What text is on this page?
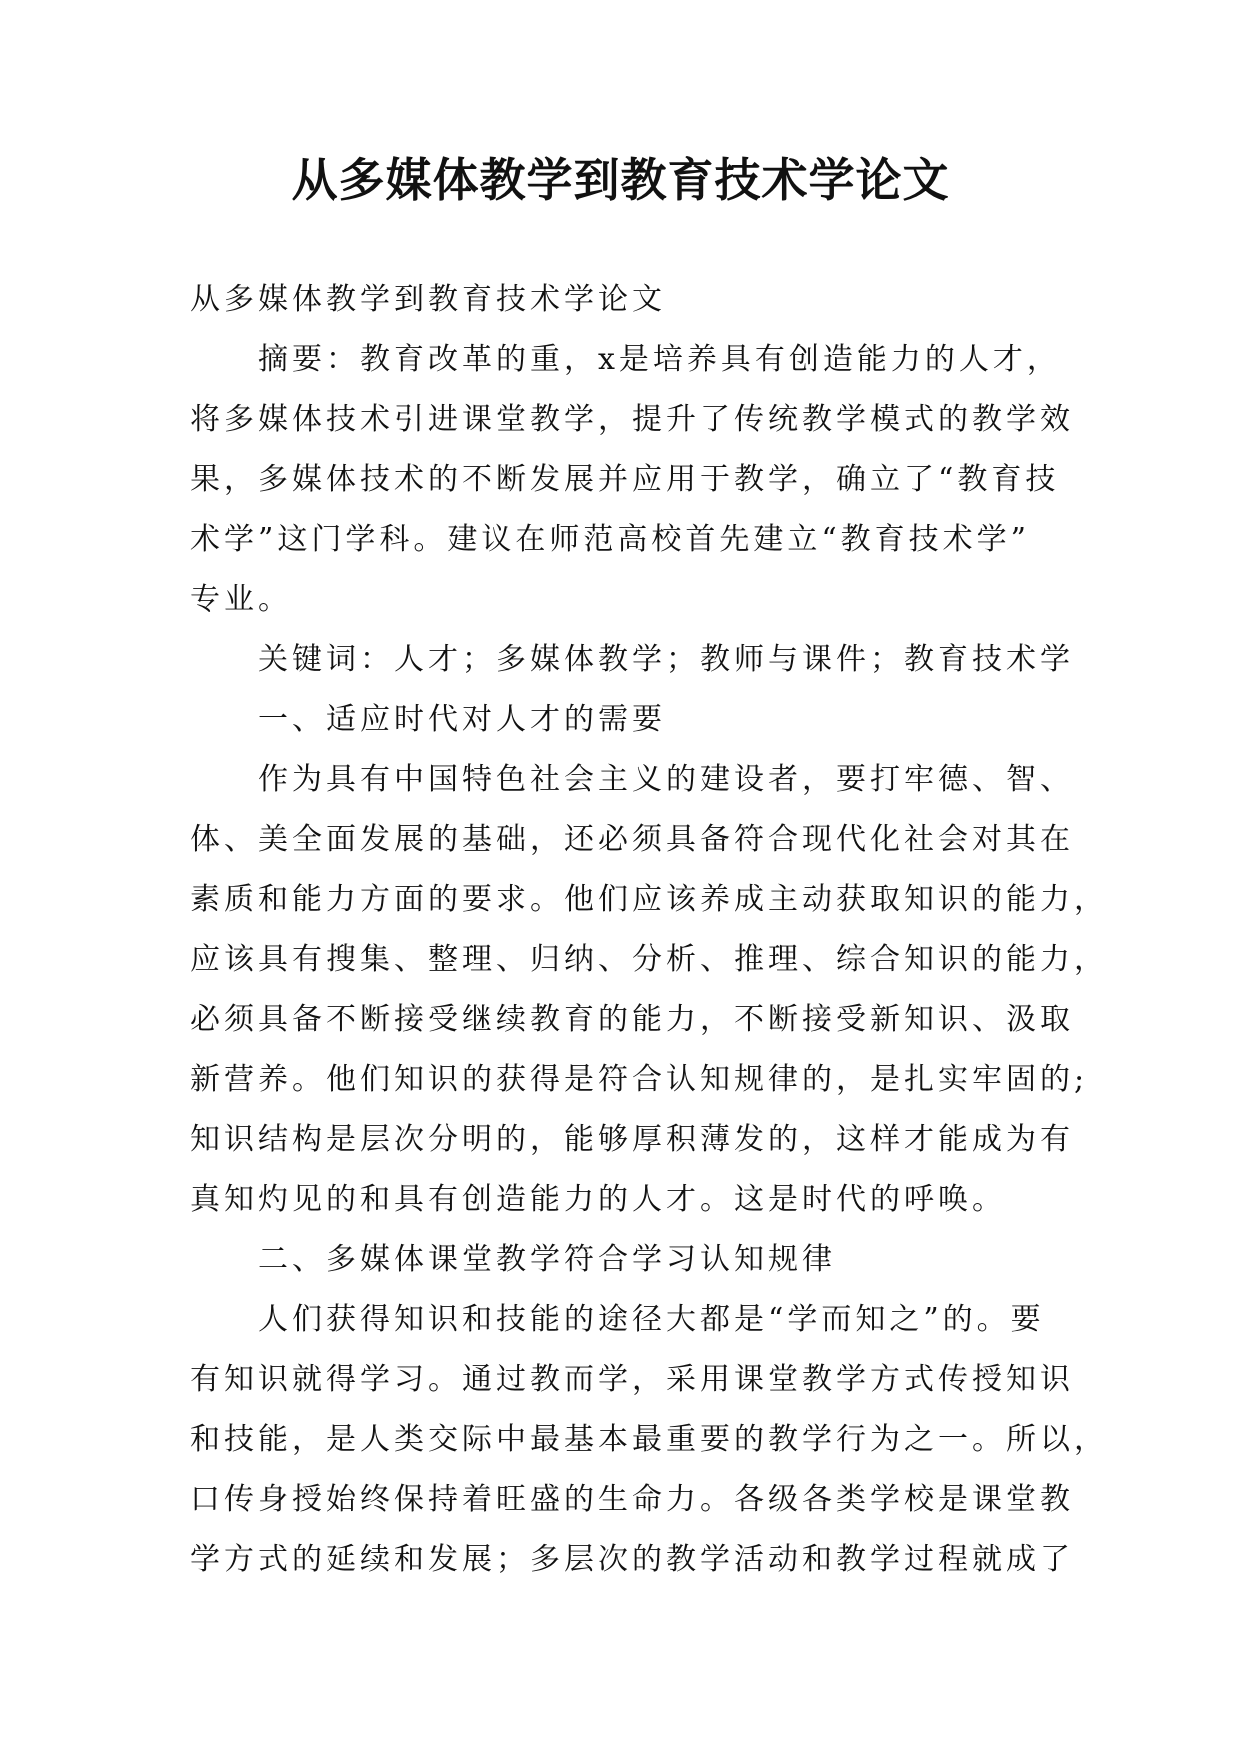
从多媒体教学到教育技术学论文
从多媒体教学到教育技术学论文
摘要：教育改革的重，x是培养具有创造能力的人才，
将多媒体技术引进课堂教学，提升了传统教学模式的教学效
果，多媒体技术的不断发展并应用于教学，确立了“教育技
术学”这门学科。建议在师范高校首先建立“教育技术学”
专业。
关键词：人才；多媒体教学；教师与课件；教育技术学
一、适应时代对人才的需要
作为具有中国特色社会主义的建设者，要打牢德、智、
体、美全面发展的基础，还必须具备符合现代化社会对其在
素质和能力方面的要求。他们应该养成主动获取知识的能力，
应该具有搜集、整理、归纳、分析、推理、综合知识的能力，
必须具备不断接受继续教育的能力，不断接受新知识、汲取
新营养。他们知识的获得是符合认知规律的，是扎实牢固的;
知识结构是层次分明的，能够厚积薄发的，这样才能成为有
真知灼见的和具有创造能力的人才。这是时代的呼唤。
二、多媒体课堂教学符合学习认知规律
人们获得知识和技能的途径大都是“学而知之”的。要
有知识就得学习。通过教而学，采用课堂教学方式传授知识
和技能，是人类交际中最基本最重要的教学行为之一。所以，
口传身授始终保持着旺盛的生命力。各级各类学校是课堂教
学方式的延续和发展；多层次的教学活动和教学过程就成了
